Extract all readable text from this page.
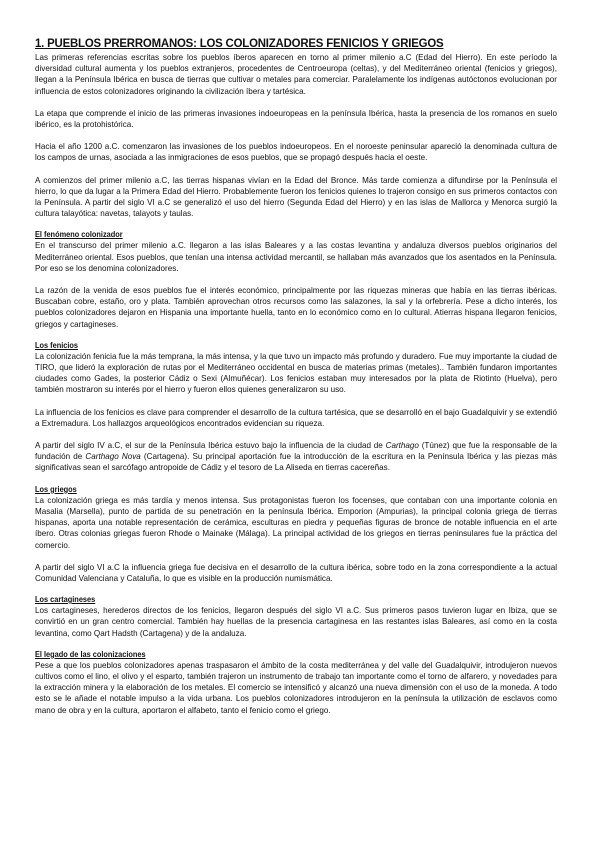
1. PUEBLOS PRERROMANOS: LOS COLONIZADORES FENICIOS Y GRIEGOS

Las primeras referencias escritas sobre los pueblos íberos aparecen en torno al primer milenio a.C (Edad del Hierro). En este período la diversidad cultural aumenta y los pueblos extranjeros, procedentes de Centroeuropa (celtas), y del Mediterráneo oriental (fenicios y griegos), llegan a la Península Ibérica en busca de tierras que cultivar o metales para comerciar. Paralelamente los indígenas autóctonos evolucionan por influencia de estos colonizadores originando la civilización íbera y tartésica.

La etapa que comprende el inicio de las primeras invasiones indoeuropeas en la península Ibérica, hasta la presencia de los romanos en suelo ibérico, es la protohistórica.

Hacia el año 1200 a.C. comenzaron las invasiones de los pueblos indoeuropeos. En el noroeste peninsular apareció la denominada cultura de los campos de urnas, asociada a las inmigraciones de esos pueblos, que se propagó después hacia el oeste.

A comienzos del primer milenio a.C, las tierras hispanas vivían en la Edad del Bronce. Más tarde comienza a difundirse por la Península el hierro, lo que da lugar a la Primera Edad del Hierro. Probablemente fueron los fenicios quienes lo trajeron consigo en sus primeros contactos con la Península. A partir del siglo VI a.C se generalizó el uso del hierro (Segunda Edad del Hierro) y en las islas de Mallorca y Menorca surgió la cultura talayótica: navetas, talayots y taulas.

El fenómeno colonizador

En el transcurso del primer milenio a.C. llegaron a las islas Baleares y a las costas levantina y andaluza diversos pueblos originarios del Mediterráneo oriental. Esos pueblos, que tenían una intensa actividad mercantil, se hallaban más avanzados que los asentados en la Península. Por eso se los denomina colonizadores.

La razón de la venida de esos pueblos fue el interés económico, principalmente por las riquezas mineras que había en las tierras ibéricas. Buscaban cobre, estaño, oro y plata. También aprovechan otros recursos como las salazones, la sal y la orfebrería. Pese a dicho interés, los pueblos colonizadores dejaron en Hispania una importante huella, tanto en lo económico como en lo cultural. Atierras hispana llegaron fenicios, griegos y cartagineses.

Los fenicios

La colonización fenicia fue la más temprana, la más intensa, y la que tuvo un impacto más profundo y duradero. Fue muy importante la ciudad de TIRO, que lideró la exploración de rutas por el Mediterráneo occidental en busca de materias primas (metales).. También fundaron importantes ciudades como Gades, la posterior Cádiz o Sexi (Almuñécar). Los fenicios estaban muy interesados por la plata de Riotinto (Huelva), pero también mostraron su interés por el hierro y fueron ellos quienes generalizaron su uso.

La influencia de los fenicios es clave para comprender el desarrollo de la cultura tartésica, que se desarrolló en el bajo Guadalquivir y se extendió a Extremadura. Los hallazgos arqueológicos encontrados evidencian su riqueza.

A partir del siglo IV a.C, el sur de la Península Ibérica estuvo bajo la influencia de la ciudad de Carthago (Túnez) que fue la responsable de la fundación de Carthago Nova (Cartagena). Su principal aportación fue la introducción de la escritura en la Península Ibérica y las piezas más significativas sean el sarcófago antropoide de Cádiz y el tesoro de La Aliseda en tierras cacereñas.

Los griegos

La colonización griega es más tardía y menos intensa. Sus protagonistas fueron los focenses, que contaban con una importante colonia en Masalia (Marsella), punto de partida de su penetración en la península Ibérica. Emporion (Ampurias), la principal colonia griega de tierras hispanas, aporta una notable representación de cerámica, esculturas en piedra y pequeñas figuras de bronce de notable influencia en el arte íbero. Otras colonias griegas fueron Rhode o Mainake (Málaga). La principal actividad de los griegos en tierras peninsulares fue la práctica del comercio.

A partir del siglo VI a.C la influencia griega fue decisiva en el desarrollo de la cultura ibérica, sobre todo en la zona correspondiente a la actual Comunidad Valenciana y Cataluña, lo que es visible en la producción numismática.

Los cartagineses

Los cartagineses, herederos directos de los fenicios, llegaron después del siglo VI a.C. Sus primeros pasos tuvieron lugar en Ibiza, que se convirtió en un gran centro comercial. También hay huellas de la presencia cartaginesa en las restantes islas Baleares, así como en la costa levantina, como Qart Hadsth (Cartagena) y de la andaluza.

El legado de las colonizaciones

Pese a que los pueblos colonizadores apenas traspasaron el ámbito de la costa mediterránea y del valle del Guadalquivir, introdujeron nuevos cultivos como el lino, el olivo y el esparto, también trajeron un instrumento de trabajo tan importante como el torno de alfarero, y novedades para la extracción minera y la elaboración de los metales. El comercio se intensificó y alcanzó una nueva dimensión con el uso de la moneda. A todo esto se le añade el notable impulso a la vida urbana. Los pueblos colonizadores introdujeron en la península la utilización de esclavos como mano de obra y en la cultura, aportaron el alfabeto, tanto el fenicio como el griego.
